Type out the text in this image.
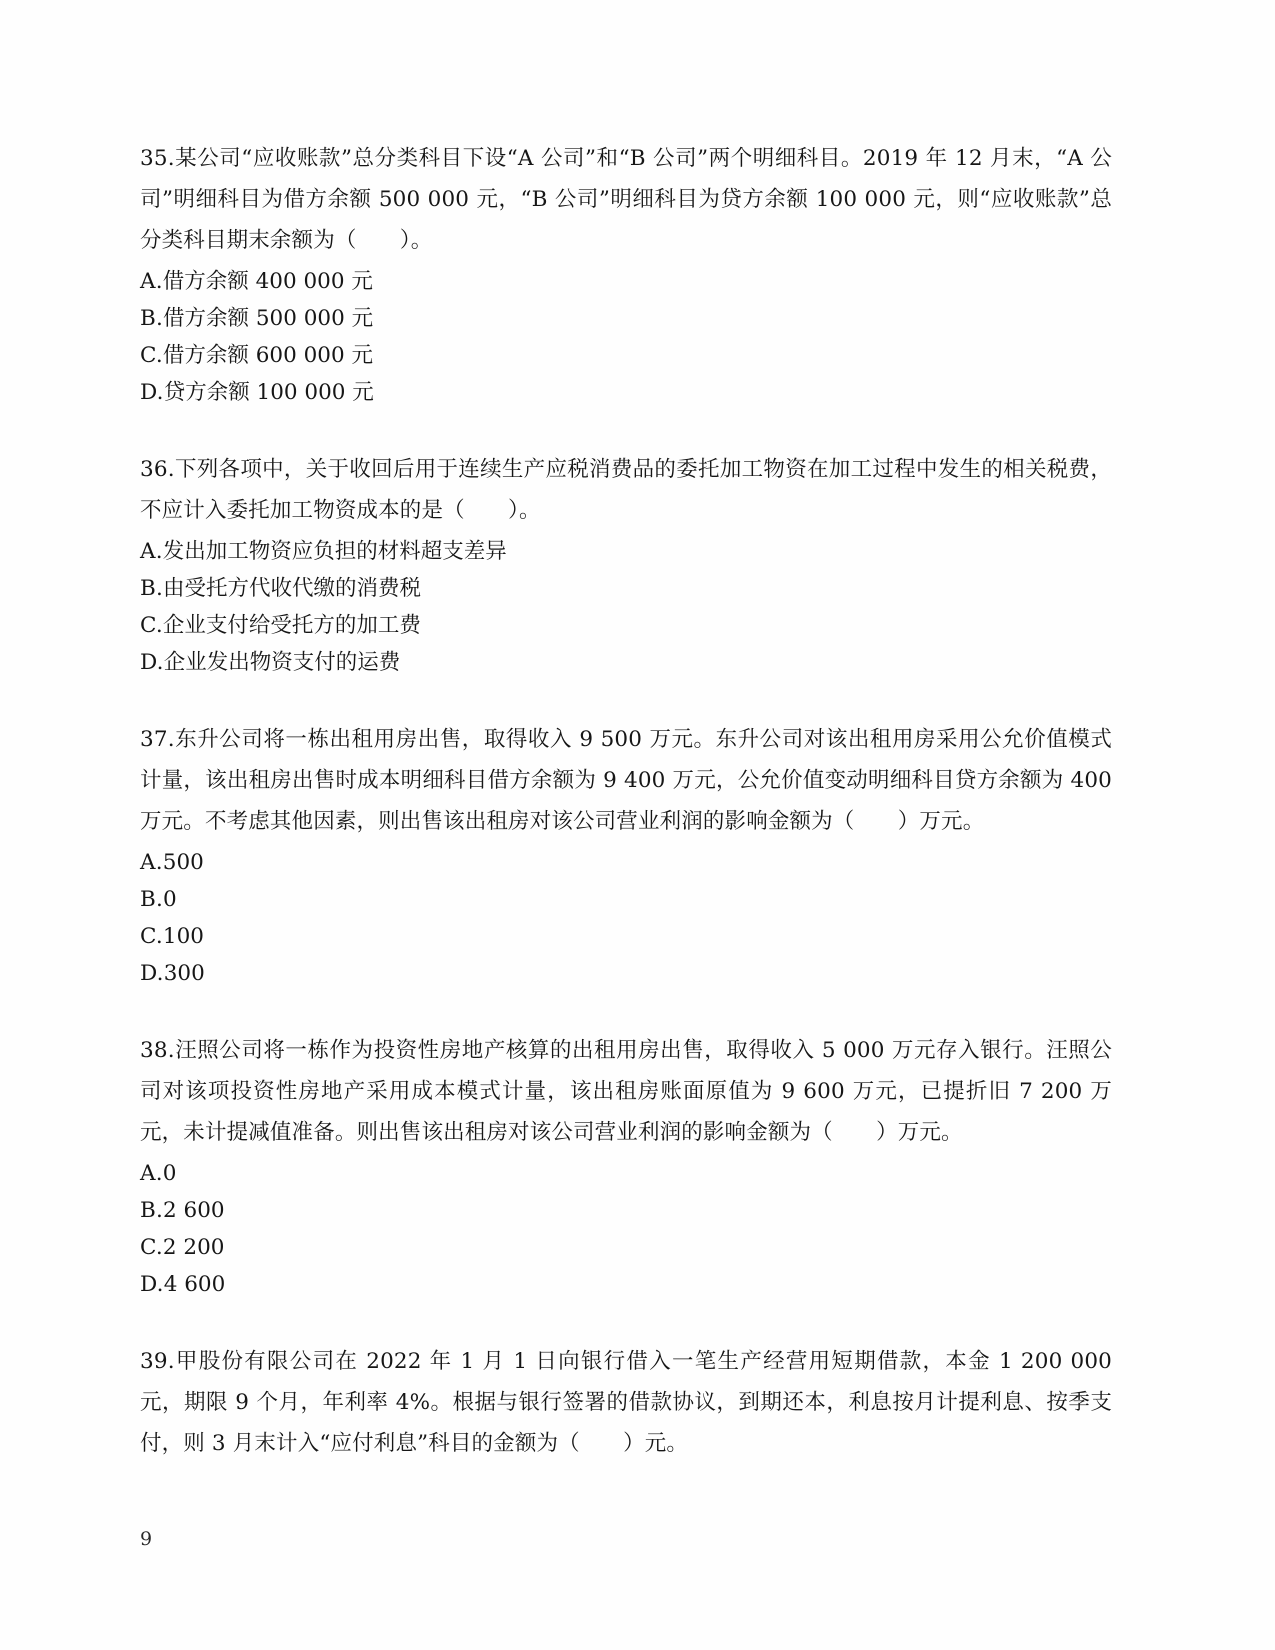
35.某公司“应收账款”总分类科目下设“A 公司”和“B 公司”两个明细科目。2019 年 12 月末，“A 公司”明细科目为借方余额 500 000 元，“B 公司”明细科目为贷方余额 100 000 元，则“应收账款”总分类科目期末余额为（　　）。

A.借方余额 400 000 元
B.借方余额 500 000 元
C.借方余额 600 000 元
D.贷方余额 100 000 元

36.下列各项中，关于收回后用于连续生产应税消费品的委托加工物资在加工过程中发生的相关税费，不应计入委托加工物资成本的是（　　）。

A.发出加工物资应负担的材料超支差异
B.由受托方代收代缴的消费税
C.企业支付给受托方的加工费
D.企业发出物资支付的运费

37.东升公司将一栋出租用房出售，取得收入 9 500 万元。东升公司对该出租用房采用公允价值模式计量，该出租房出售时成本明细科目借方余额为 9 400 万元，公允价值变动明细科目贷方余额为 400 万元。不考虑其他因素，则出售该出租房对该公司营业利润的影响金额为（　　）万元。

A.500
B.0
C.100
D.300

38.汪照公司将一栋作为投资性房地产核算的出租用房出售，取得收入 5 000 万元存入银行。汪照公司对该项投资性房地产采用成本模式计量，该出租房账面原值为 9 600 万元，已提折旧 7 200 万元，未计提减值准备。则出售该出租房对该公司营业利润的影响金额为（　　）万元。

A.0
B.2 600
C.2 200
D.4 600

39.甲股份有限公司在 2022 年 1 月 1 日向银行借入一笔生产经营用短期借款，本金 1 200 000 元，期限 9 个月，年利率 4%。根据与银行签署的借款协议，到期还本，利息按月计提利息、按季支付，则 3 月末计入“应付利息”科目的金额为（　　）元。

9
